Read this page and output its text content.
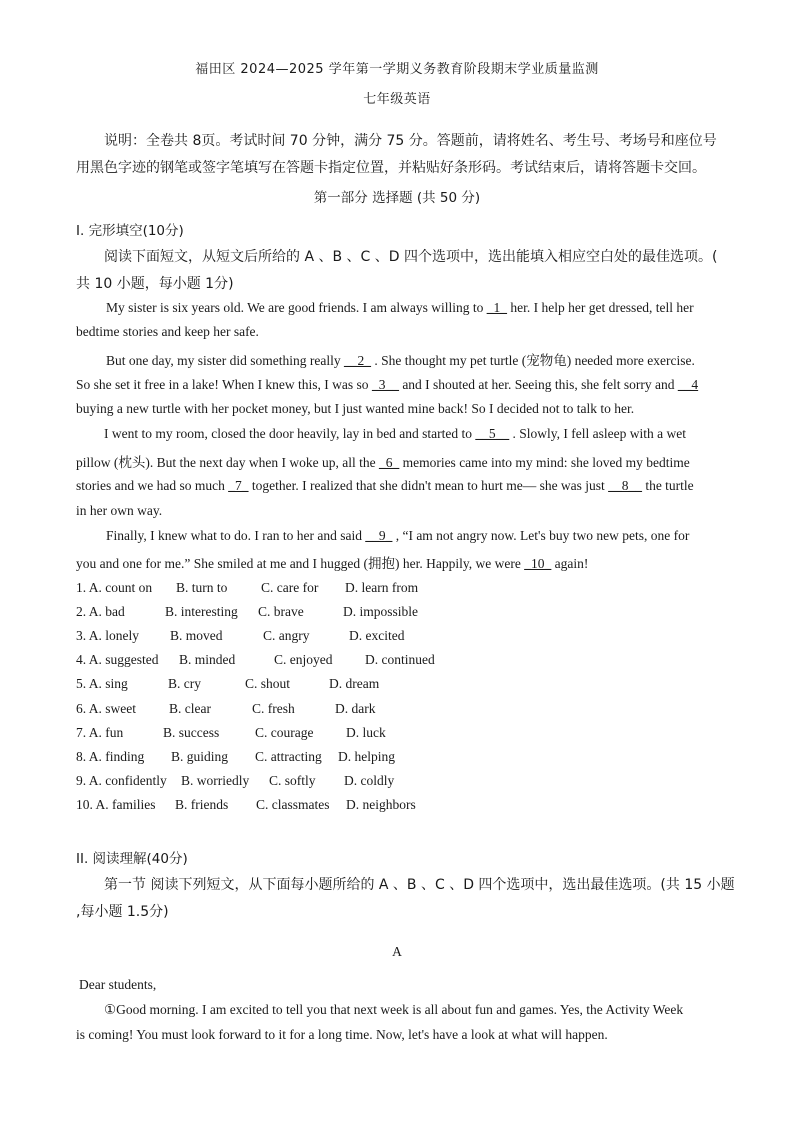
福田区 2024—2025 学年第一学期义务教育阶段期末学业质量监测
七年级英语
说明：全卷共 8页。考试时间 70 分钟，满分 75 分。答题前，请将姓名、考生号、考场号和座位号
用黑色字迹的钢笔或签字笔填写在答题卡指定位置，并粘贴好条形码。考试结束后，请将答题卡交回。
第一部分 选择题 (共 50 分)
I. 完形填空(10分)
阅读下面短文，从短文后所给的 A 、B 、C 、D 四个选项中，选出能填入相应空白处的最佳选项。(
共 10 小题，每小题 1分)
My sister is six years old. We are good friends. I am always willing to _1_ her. I help her get dressed, tell her
bedtime stories and keep her safe.
But one day, my sister did something really __2_ . She thought my pet turtle (宠物龟) needed more exercise.
So she set it free in a lake! When I knew this, I was so _3__ and I shouted at her. Seeing this, she felt sorry and __4
buying a new turtle with her pocket money, but I just wanted mine back! So I decided not to talk to her.
I went to my room, closed the door heavily, lay in bed and started to __5__ . Slowly, I fell asleep with a wet
pillow (枕头). But the next day when I woke up, all the _6_ memories came into my mind: she loved my bedtime
stories and we had so much _7_ together. I realized that she didn't mean to hurt me— she was just __8__ the turtle
in her own way.
Finally, I knew what to do. I ran to her and said __9_ , “I am not angry now. Let's buy two new pets, one for
you and one for me.” She smiled at me and I hugged (拥抱) her. Happily, we were _10_ again!
1. A. count on B. turn to C. care for D. learn from
2. A. bad	B. interesting C. brave	D. impossible
3. A. lonely B. moved	C. angry	D. excited
4. A. suggested B. minded	C. enjoyed D. continued
5. A. sing	B. cry	C. shout	D. dream
6. A. sweet B. clear	C. fresh	D. dark
7. A. fun	B. success	C. courage D. luck
8. A. finding B. guiding C. attracting D. helping
9. A. confidently B. worriedly C. softly D. coldly
10. A. families B. friends C. classmates D. neighbors
II. 阅读理解(40分)
第一节 阅读下列短文，从下面每小题所给的 A 、B 、C 、D 四个选项中，选出最佳选项。(共 15 小题
,每小题 1.5分)
A
Dear students,
①Good morning. I am excited to tell you that next week is all about fun and games. Yes, the Activity Week
is coming! You must look forward to it for a long time. Now, let's have a look at what will happen.
